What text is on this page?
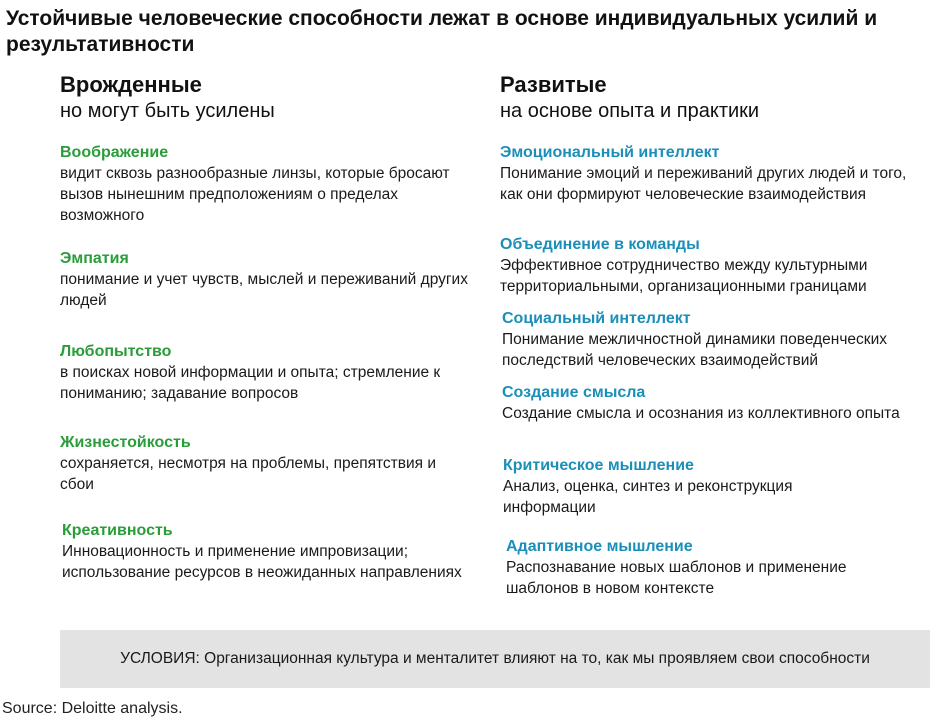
Устойчивые человеческие способности лежат в основе индивидуальных усилий и результативности
Врожденные
но могут быть усилены
Развитые
на основе опыта и практики
Воображение
видит сквозь разнообразные линзы, которые бросают вызов нынешним предположениям о пределах возможного
Эмпатия
понимание и учет чувств, мыслей и переживаний других людей
Любопытство
в поисках новой информации и опыта; стремление к пониманию; задавание вопросов
Жизнестойкость
сохраняется, несмотря на проблемы, препятствия и сбои
Креативность
Инновационность и применение импровизации; использование ресурсов в неожиданных направлениях
Эмоциональный интеллект
Понимание эмоций и переживаний других людей и того, как они формируют человеческие взаимодействия
Объединение в команды
Эффективное сотрудничество между культурными территориальными, организационными границами
Социальный интеллект
Понимание межличностной динамики поведенческих последствий человеческих взаимодействий
Создание смысла
Создание смысла и осознания из коллективного опыта
Критическое мышление
Анализ, оценка, синтез и реконструкция информации
Адаптивное мышление
Распознавание новых шаблонов и применение шаблонов в новом контексте
УСЛОВИЯ: Организационная культура и менталитет влияют на то, как мы проявляем свои способности
Source: Deloitte analysis.
